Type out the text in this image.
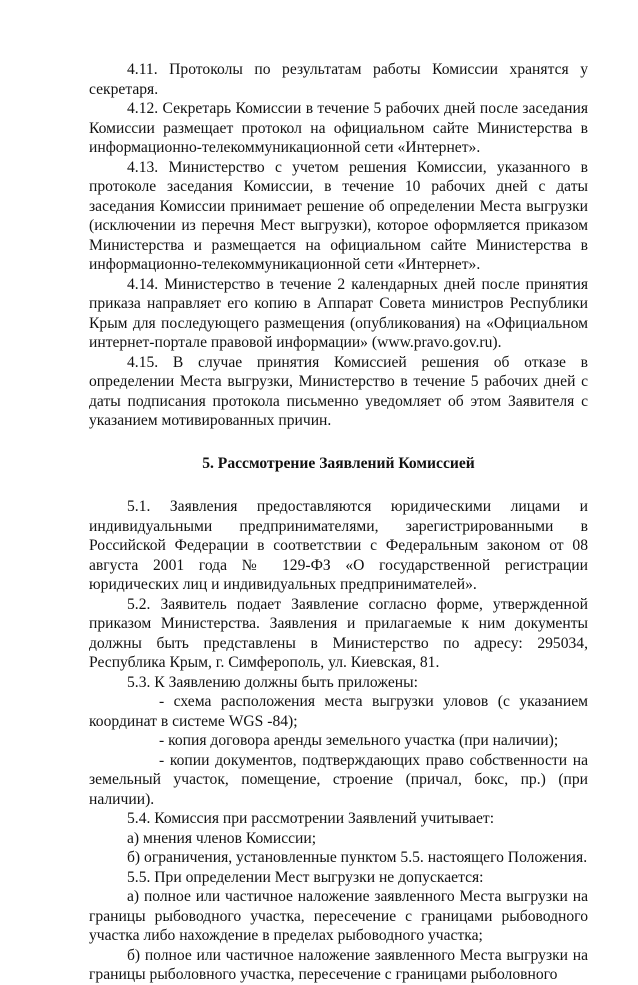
4.11. Протоколы по результатам работы Комиссии хранятся у секретаря.

4.12. Секретарь Комиссии в течение 5 рабочих дней после заседания Комиссии размещает протокол на официальном сайте Министерства в информационно-телекоммуникационной сети «Интернет».

4.13. Министерство с учетом решения Комиссии, указанного в протоколе заседания Комиссии, в течение 10 рабочих дней с даты заседания Комиссии принимает решение об определении Места выгрузки (исключении из перечня Мест выгрузки), которое оформляется приказом Министерства и размещается на официальном сайте Министерства в информационно-телекоммуникационной сети «Интернет».

4.14. Министерство в течение 2 календарных дней после принятия приказа направляет его копию в Аппарат Совета министров Республики Крым для последующего размещения (опубликования) на «Официальном интернет-портале правовой информации» (www.pravo.gov.ru).

4.15. В случае принятия Комиссией решения об отказе в определении Места выгрузки, Министерство в течение 5 рабочих дней с даты подписания протокола письменно уведомляет об этом Заявителя с указанием мотивированных причин.

5. Рассмотрение Заявлений Комиссией

5.1. Заявления предоставляются юридическими лицами и индивидуальными предпринимателями, зарегистрированными в Российской Федерации в соответствии с Федеральным законом от 08 августа 2001 года № 129-ФЗ «О государственной регистрации юридических лиц и индивидуальных предпринимателей».

5.2. Заявитель подает Заявление согласно форме, утвержденной приказом Министерства. Заявления и прилагаемые к ним документы должны быть представлены в Министерство по адресу: 295034, Республика Крым, г. Симферополь, ул. Киевская, 81.

5.3. К Заявлению должны быть приложены:

- схема расположения места выгрузки уловов (с указанием координат в системе WGS -84);

- копия договора аренды земельного участка (при наличии);

- копии документов, подтверждающих право собственности на земельный участок, помещение, строение (причал, бокс, пр.) (при наличии).

5.4. Комиссия при рассмотрении Заявлений учитывает:

а) мнения членов Комиссии;

б) ограничения, установленные пунктом 5.5. настоящего Положения.

5.5. При определении Мест выгрузки не допускается:

а) полное или частичное наложение заявленного Места выгрузки на границы рыбоводного участка, пересечение с границами рыбоводного участка либо нахождение в пределах рыбоводного участка;

б) полное или частичное наложение заявленного Места выгрузки на границы рыболовного участка, пересечение с границами рыболовного
